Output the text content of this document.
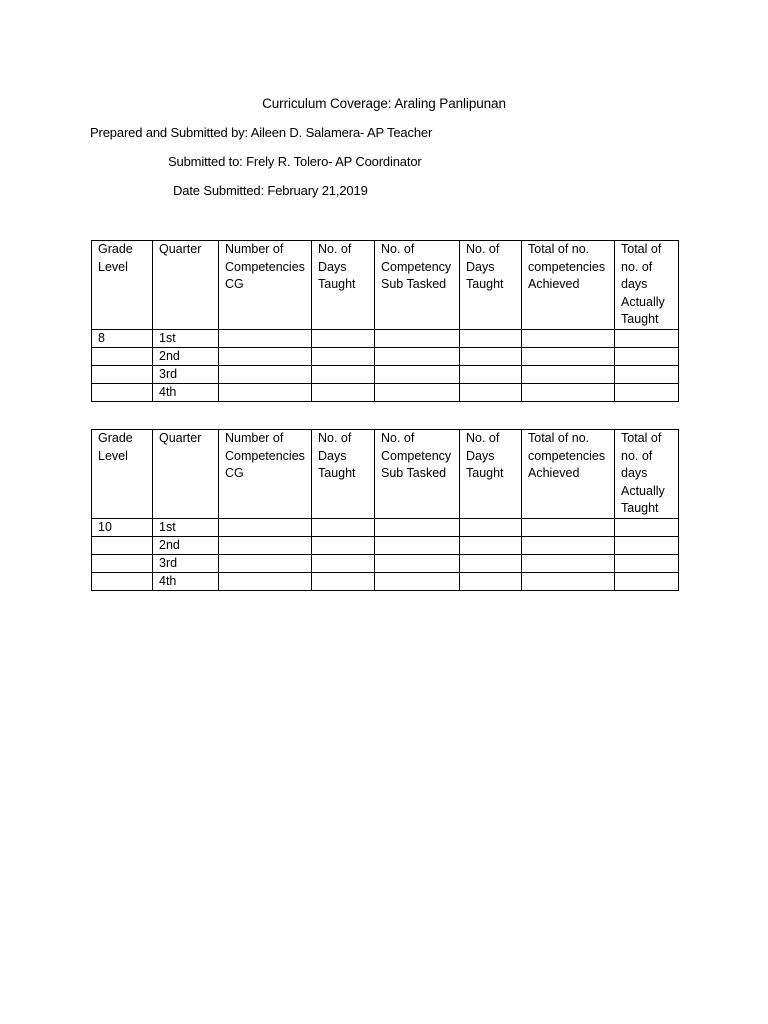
Curriculum Coverage: Araling Panlipunan
Prepared and Submitted by: Aileen D. Salamera- AP Teacher
Submitted to: Frely R. Tolero- AP Coordinator
Date Submitted: February 21,2019
Grade Level	Quarter	Number of Competencies CG	No. of Days Taught	No. of Competency Sub Tasked	No. of Days Taught	Total of no. competencies Achieved	Total of no. of days Actually Taught
8	1st						
	2nd						
	3rd						
	4th						
Grade Level	Quarter	Number of Competencies CG	No. of Days Taught	No. of Competency Sub Tasked	No. of Days Taught	Total of no. competencies Achieved	Total of no. of days Actually Taught
10	1st						
	2nd						
	3rd						
	4th						
